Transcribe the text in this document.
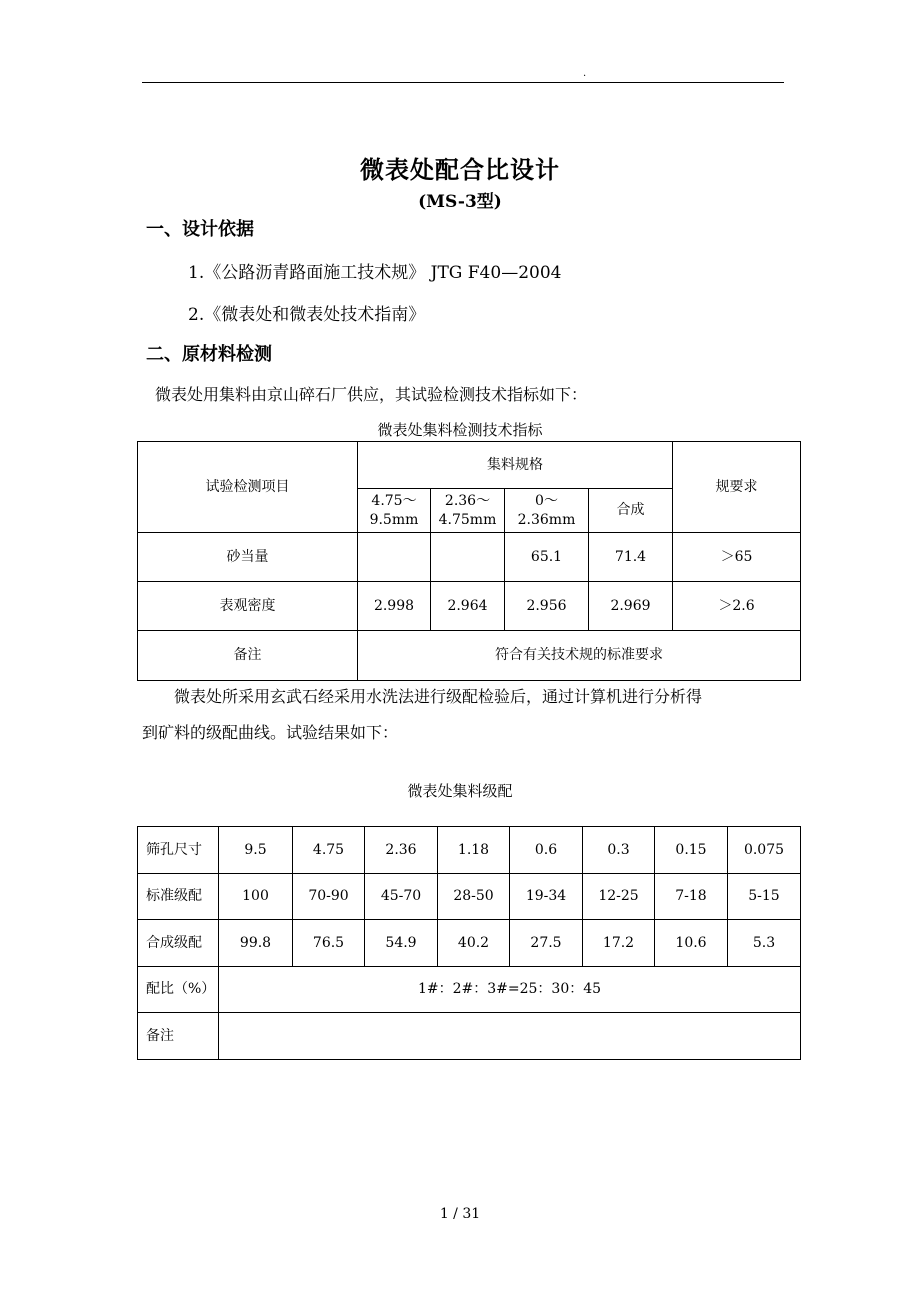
.
微表处配合比设计
(MS-3型)
一、设计依据
1.《公路沥青路面施工技术规》 JTG F40—2004
2.《微表处和微表处技术指南》
二、原材料检测
微表处用集料由京山碎石厂供应，其试验检测技术指标如下：
微表处集料检测技术指标
试验检测项目	集料规格				规要求
	4.75～
9.5mm	2.36～
4.75mm	0～
2.36mm	合成	
砂当量			65.1	71.4	＞65
表观密度	2.998	2.964	2.956	2.969	＞2.6
备注	符合有关技术规的标准要求				
微表处所采用玄武石经采用水洗法进行级配检验后，通过计算机进行分析得
到矿料的级配曲线。试验结果如下：
微表处集料级配
筛孔尺寸	9.5	4.75	2.36	1.18	0.6	0.3	0.15	0.075
标准级配	100	70-90	45-70	28-50	19-34	12-25	7-18	5-15
合成级配	99.8	76.5	54.9	40.2	27.5	17.2	10.6	5.3
配比（%）	1#：2#：3#=25：30：45							
备注								
1 / 31
